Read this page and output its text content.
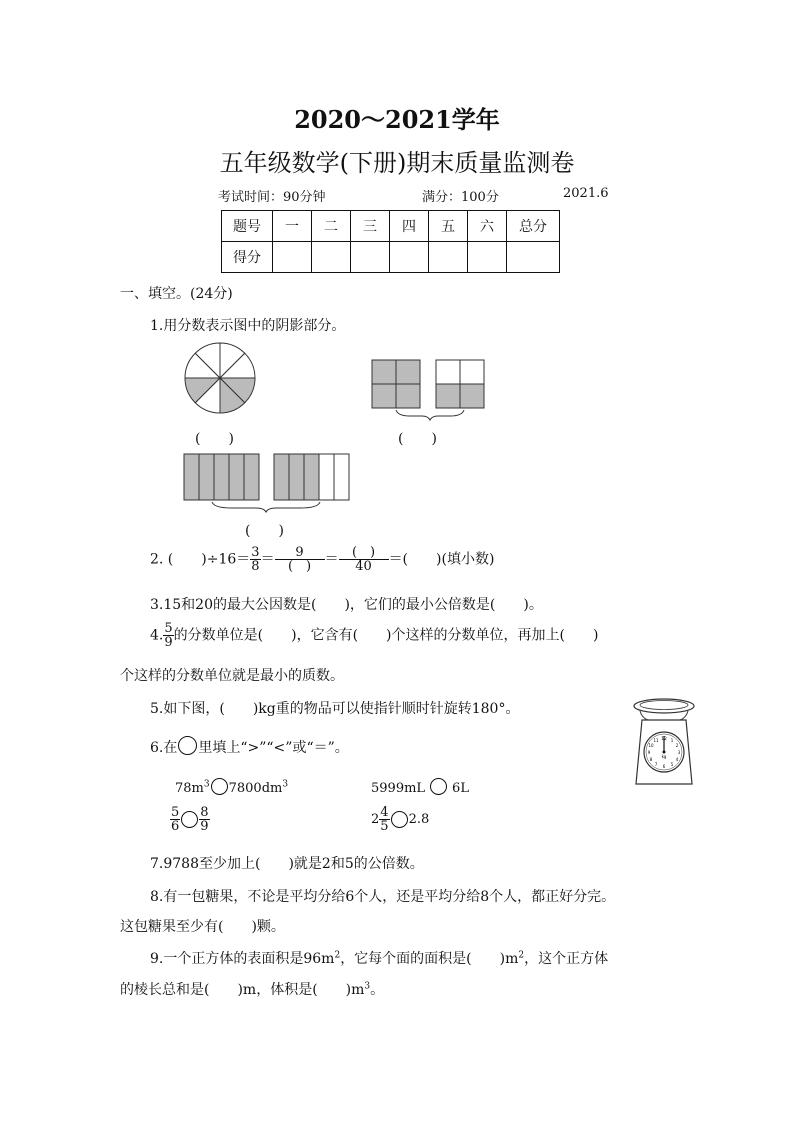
2020～2021学年
五年级数学(下册)期末质量监测卷
考试时间：90分钟	满分：100分	2021.6
题号	一	二	三	四	五	六	总分
得分							
一、填空。(24分)
1.用分数表示图中的阴影部分。
(　　)	(　　)
(　　)
2. (　　)$\div 16= \frac{3}{8} = \frac{9}{( )} = \frac{( )}{40}$ ＝(　　)(填小数)
3.15和20的最大公因数是(　　)，它们的最小公倍数是(　　)。
4. $\frac{5}{9}$ 的分数单位是(　　)，它含有(　　)个这样的分数单位，再加上(　　)
个这样的分数单位就是最小的质数。
5.如下图，(　　)kg重的物品可以使指针顺时针旋转180°。
12 1
2
3
4
5
6
7
8
9
10
11
kg
6.在 里填上“>”“<”或“＝”。
$78m^3$ $7800dm^3$	5999mL 6L
$\frac{5}{6} \frac{8}{9}$	$2 \frac{4}{5} 2.8$
7.9788至少加上(　　)就是2和5的公倍数。
8.有一包糖果，不论是平均分给6个人，还是平均分给8个人，都正好分完。
这包糖果至少有(　　)颗。
9.一个正方体的表面积是$96m^2$，它每个面的面积是(　　)$m^2$，这个正方体
的棱长总和是(　　)m，体积是(　　)$m^3$。
